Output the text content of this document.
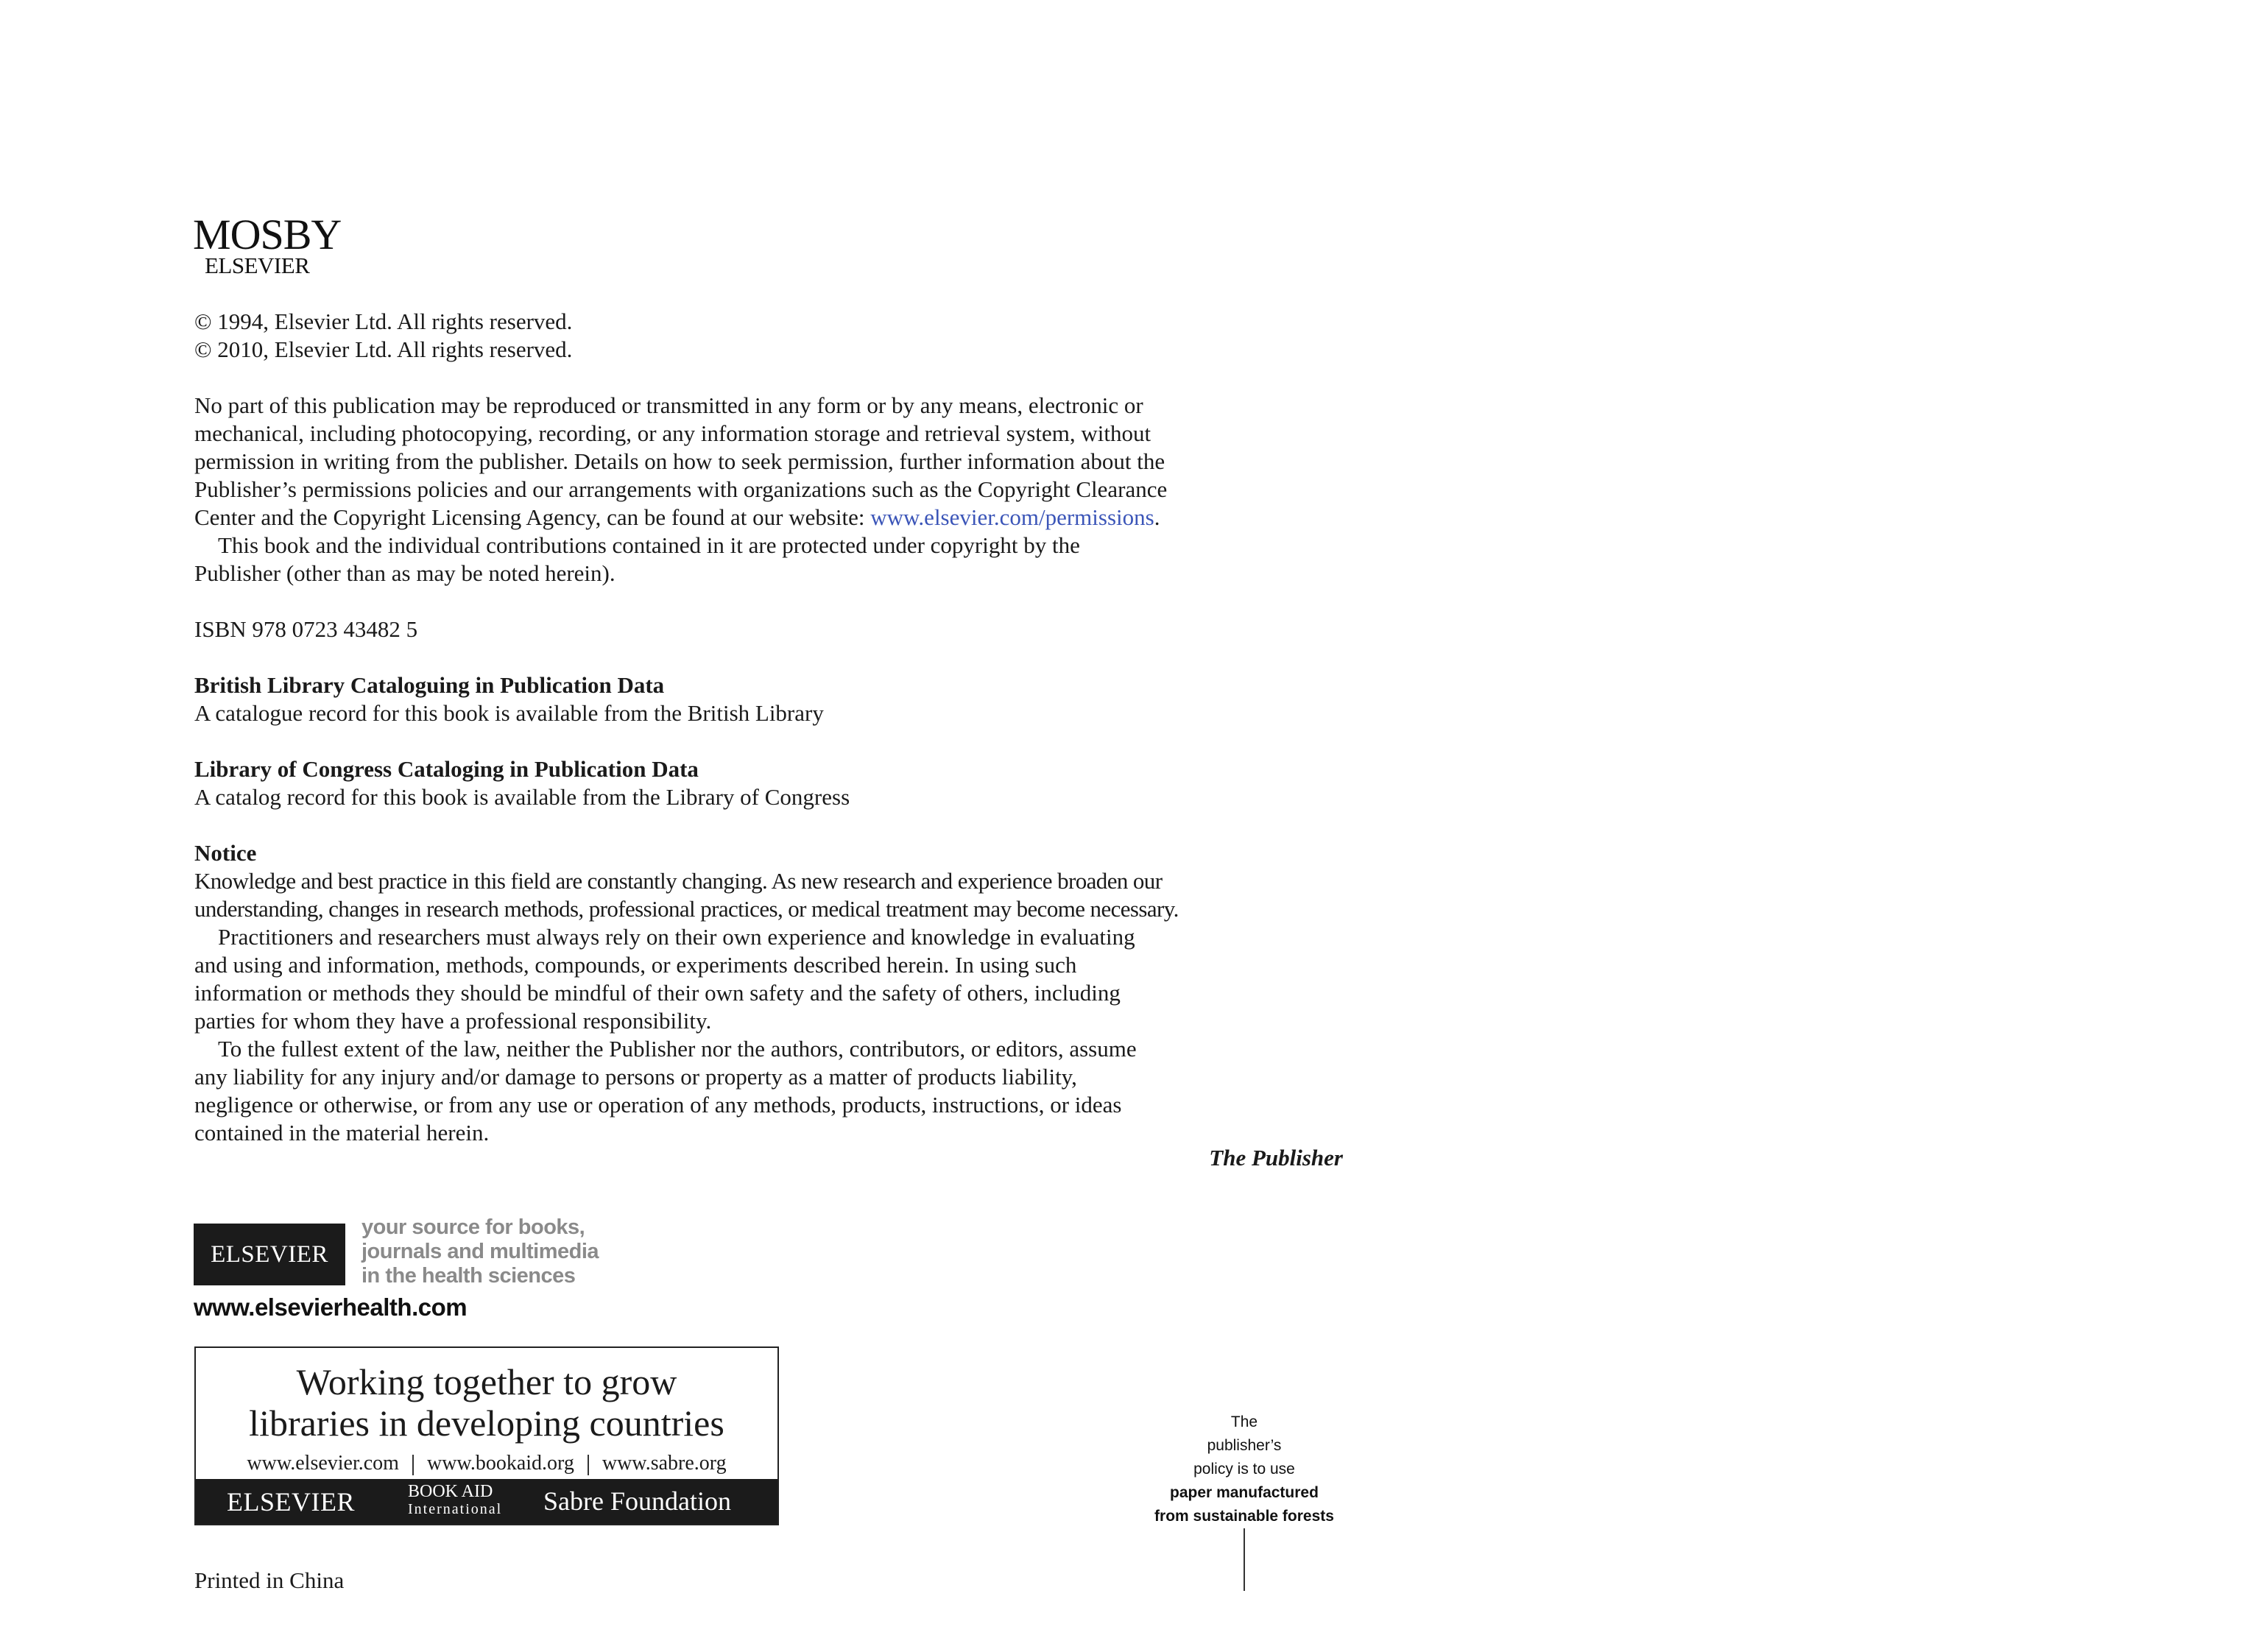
MOSBY
ELSEVIER
© 1994, Elsevier Ltd. All rights reserved.
© 2010, Elsevier Ltd. All rights reserved.
No part of this publication may be reproduced or transmitted in any form or by any means, electronic or
mechanical, including photocopying, recording, or any information storage and retrieval system, without
permission in writing from the publisher. Details on how to seek permission, further information about the
Publisher’s permissions policies and our arrangements with organizations such as the Copyright Clearance
Center and the Copyright Licensing Agency, can be found at our website: www.elsevier.com/permissions.
This book and the individual contributions contained in it are protected under copyright by the
Publisher (other than as may be noted herein).
ISBN 978 0723 43482 5
British Library Cataloguing in Publication Data
A catalogue record for this book is available from the British Library
Library of Congress Cataloging in Publication Data
A catalog record for this book is available from the Library of Congress
Notice
Knowledge and best practice in this field are constantly changing. As new research and experience broaden our
understanding, changes in research methods, professional practices, or medical treatment may become necessary.
Practitioners and researchers must always rely on their own experience and knowledge in evaluating
and using and information, methods, compounds, or experiments described herein. In using such
information or methods they should be mindful of their own safety and the safety of others, including
parties for whom they have a professional responsibility.
To the fullest extent of the law, neither the Publisher nor the authors, contributors, or editors, assume
any liability for any injury and/or damage to persons or property as a matter of products liability,
negligence or otherwise, or from any use or operation of any methods, products, instructions, or ideas
contained in the material herein.
The Publisher
ELSEVIER
your source for books,
journals and multimedia
in the health sciences
www.elsevierhealth.com
Working together to grow
libraries in developing countries
www.elsevier.com www.bookaid.org www.sabre.org
ELSEVIER	BOOK AID
International Sabre Foundation
The
publisher’s
policy is to use
paper manufactured
from sustainable forests
Printed in China
